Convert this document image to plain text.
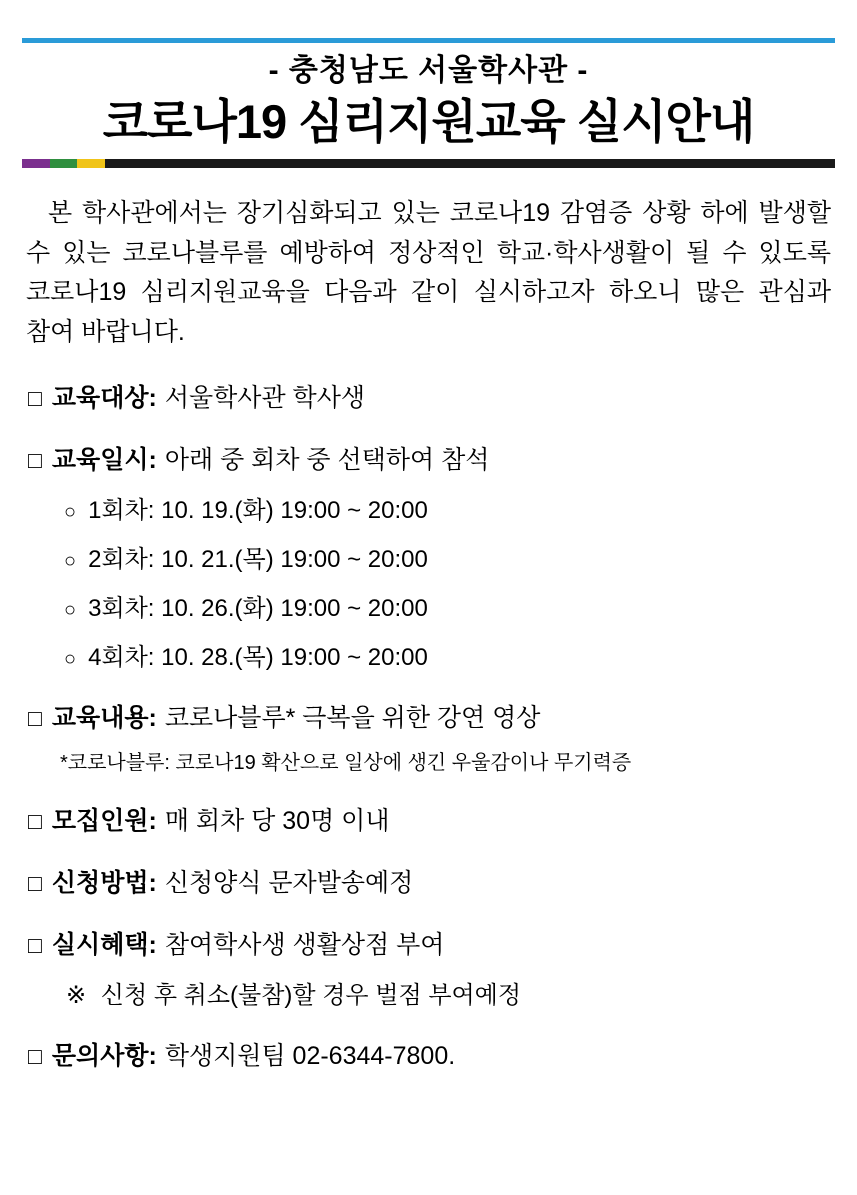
- 충청남도 서울학사관 -
코로나19 심리지원교육 실시안내

본 학사관에서는 장기심화되고 있는 코로나19 감염증 상황 하에 발생할 수 있는 코로나블루를 예방하여 정상적인 학교·학사생활이 될 수 있도록 코로나19 심리지원교육을 다음과 같이 실시하고자 하오니 많은 관심과 참여 바랍니다.

□ 교육대상 : 서울학사관 학사생
□ 교육일시 : 아래 중 회차 중 선택하여 참석
○ 1회차: 10. 19.(화) 19:00 ~ 20:00
○ 2회차: 10. 21.(목) 19:00 ~ 20:00
○ 3회차: 10. 26.(화) 19:00 ~ 20:00
○ 4회차: 10. 28.(목) 19:00 ~ 20:00
□ 교육내용 : 코로나블루* 극복을 위한 강연 영상
*코로나블루: 코로나19 확산으로 일상에 생긴 우울감이나 무기력증
□ 모집인원 : 매 회차 당 30명 이내
□ 신청방법 : 신청양식 문자발송예정
□ 실시혜택 : 참여학사생 생활상점 부여
※ 신청 후 취소(불참)할 경우 벌점 부여예정
□ 문의사항 : 학생지원팀 02-6344-7800.
